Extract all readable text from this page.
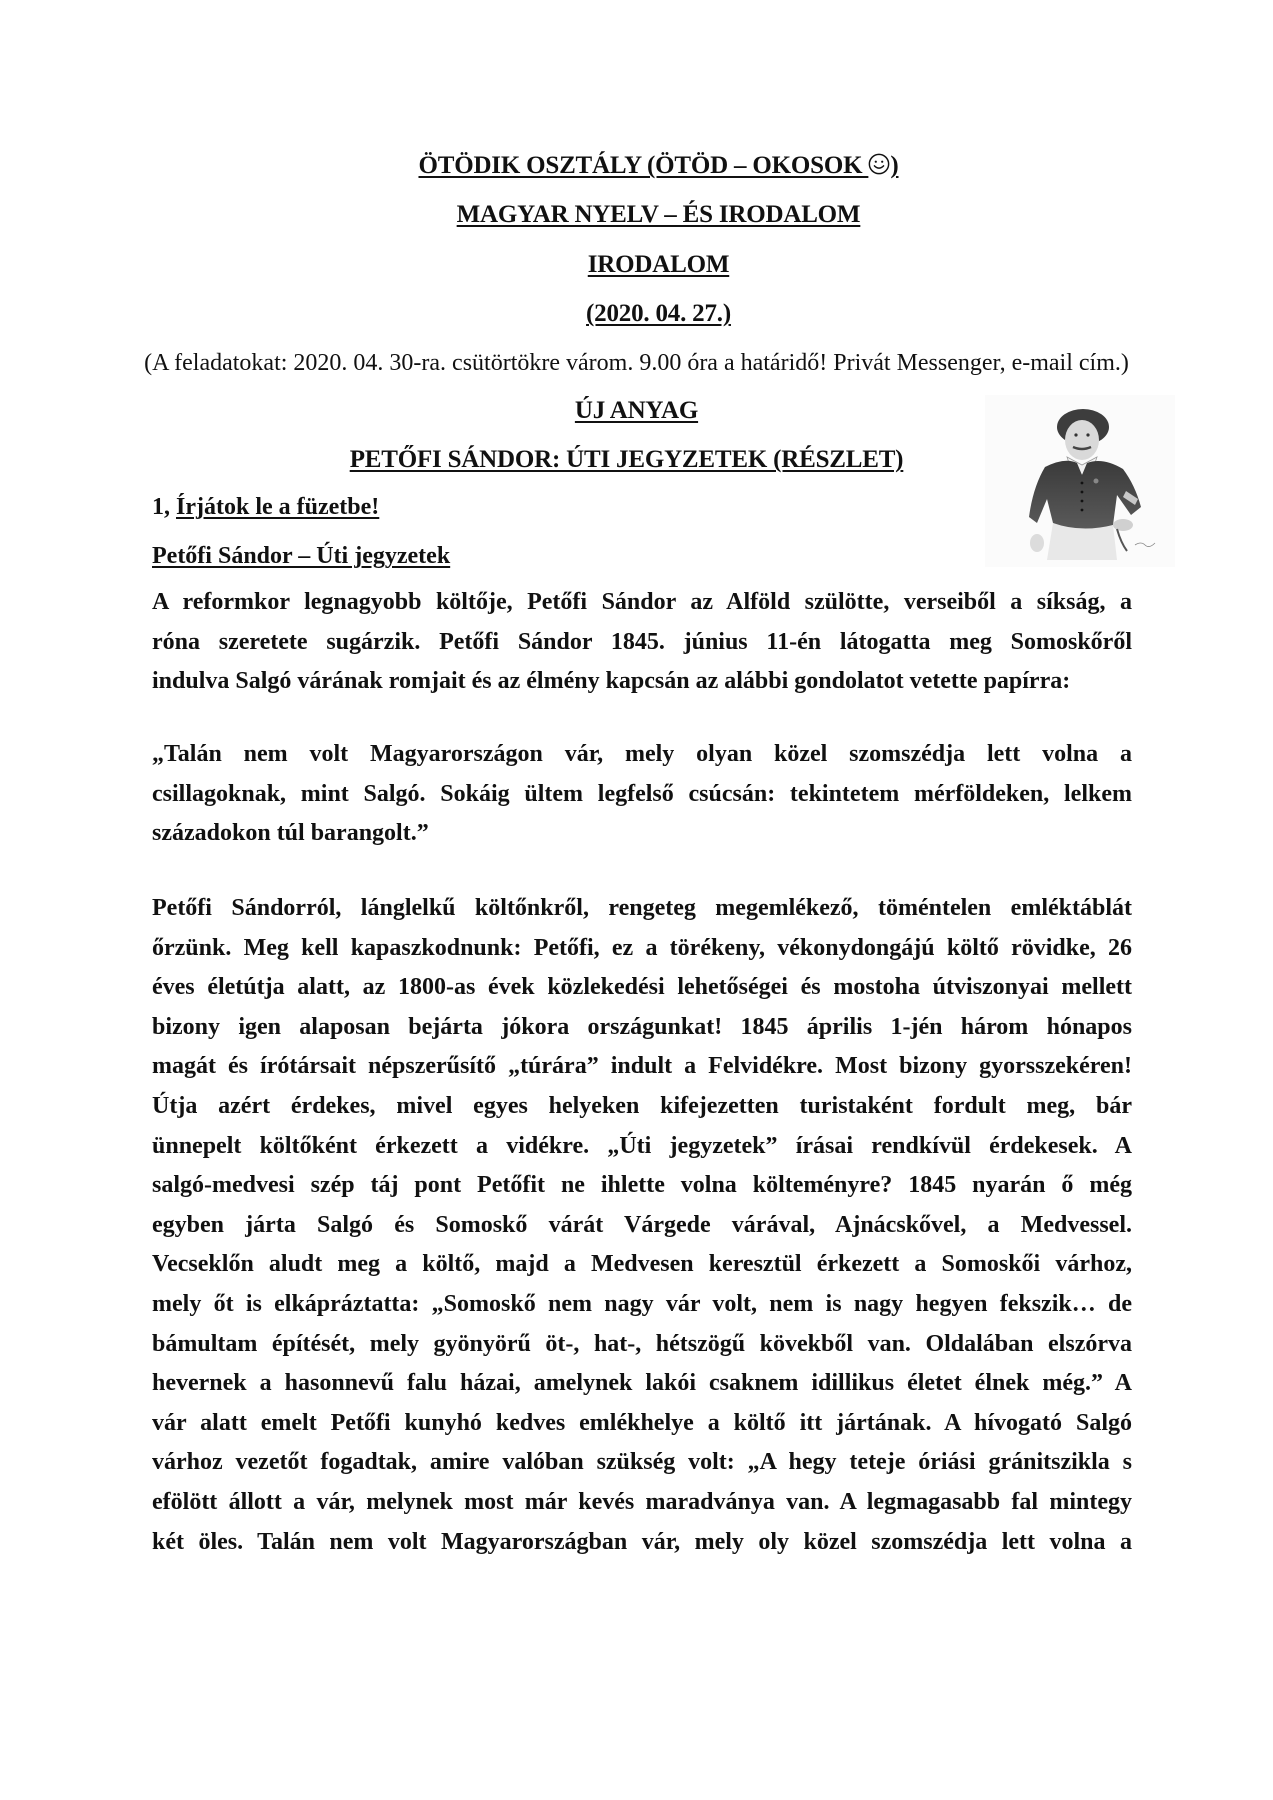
ÖTÖDIK OSZTÁLY (ÖTÖD – OKOSOK )
MAGYAR NYELV – ÉS IRODALOM
IRODALOM
(2020. 04. 27.)
(A feladatokat: 2020. 04. 30-ra. csütörtökre várom. 9.00 óra a határidő! Privát Messenger, e-mail cím.)
ÚJ ANYAG
PETŐFI SÁNDOR: ÚTI JEGYZETEK (RÉSZLET)
1, Írjátok le a füzetbe!
Petőfi Sándor – Úti jegyzetek
A reformkor legnagyobb költője, Petőfi Sándor az Alföld szülötte, verseiből a síkság, a
róna szeretete sugárzik. Petőfi Sándor 1845. június 11-én látogatta meg Somoskőről
indulva Salgó várának romjait és az élmény kapcsán az alábbi gondolatot vetette papírra:
„Talán nem volt Magyarországon vár, mely olyan közel szomszédja lett volna a
csillagoknak, mint Salgó. Sokáig ültem legfelső csúcsán: tekintetem mérföldeken, lelkem
századokon túl barangolt.”
Petőfi Sándorról, lánglelkű költőnkről, rengeteg megemlékező, töméntelen emléktáblát
őrzünk. Meg kell kapaszkodnunk: Petőfi, ez a törékeny, vékonydongájú költő rövidke, 26
éves életútja alatt, az 1800-as évek közlekedési lehetőségei és mostoha útviszonyai mellett
bizony igen alaposan bejárta jókora országunkat! 1845 április 1-jén három hónapos
magát és írótársait népszerűsítő „túrára” indult a Felvidékre. Most bizony gyorsszekéren!
Útja azért érdekes, mivel egyes helyeken kifejezetten turistaként fordult meg, bár
ünnepelt költőként érkezett a vidékre. „Úti jegyzetek” írásai rendkívül érdekesek. A
salgó-medvesi szép táj pont Petőfit ne ihlette volna költeményre? 1845 nyarán ő még
egyben járta Salgó és Somoskő várát Várgede várával, Ajnácskővel, a Medvessel.
Vecseklőn aludt meg a költő, majd a Medvesen keresztül érkezett a Somoskői várhoz,
mely őt is elkápráztatta: „Somoskő nem nagy vár volt, nem is nagy hegyen fekszik… de
bámultam építését, mely gyönyörű öt-, hat-, hétszögű kövekből van. Oldalában elszórva
hevernek a hasonnevű falu házai, amelynek lakói csaknem idillikus életet élnek még.” A
vár alatt emelt Petőfi kunyhó kedves emlékhelye a költő itt jártának. A hívogató Salgó
várhoz vezetőt fogadtak, amire valóban szükség volt: „A hegy teteje óriási gránitszikla s
efölött állott a vár, melynek most már kevés maradványa van. A legmagasabb fal mintegy
két öles. Talán nem volt Magyarországban vár, mely oly közel szomszédja lett volna a
